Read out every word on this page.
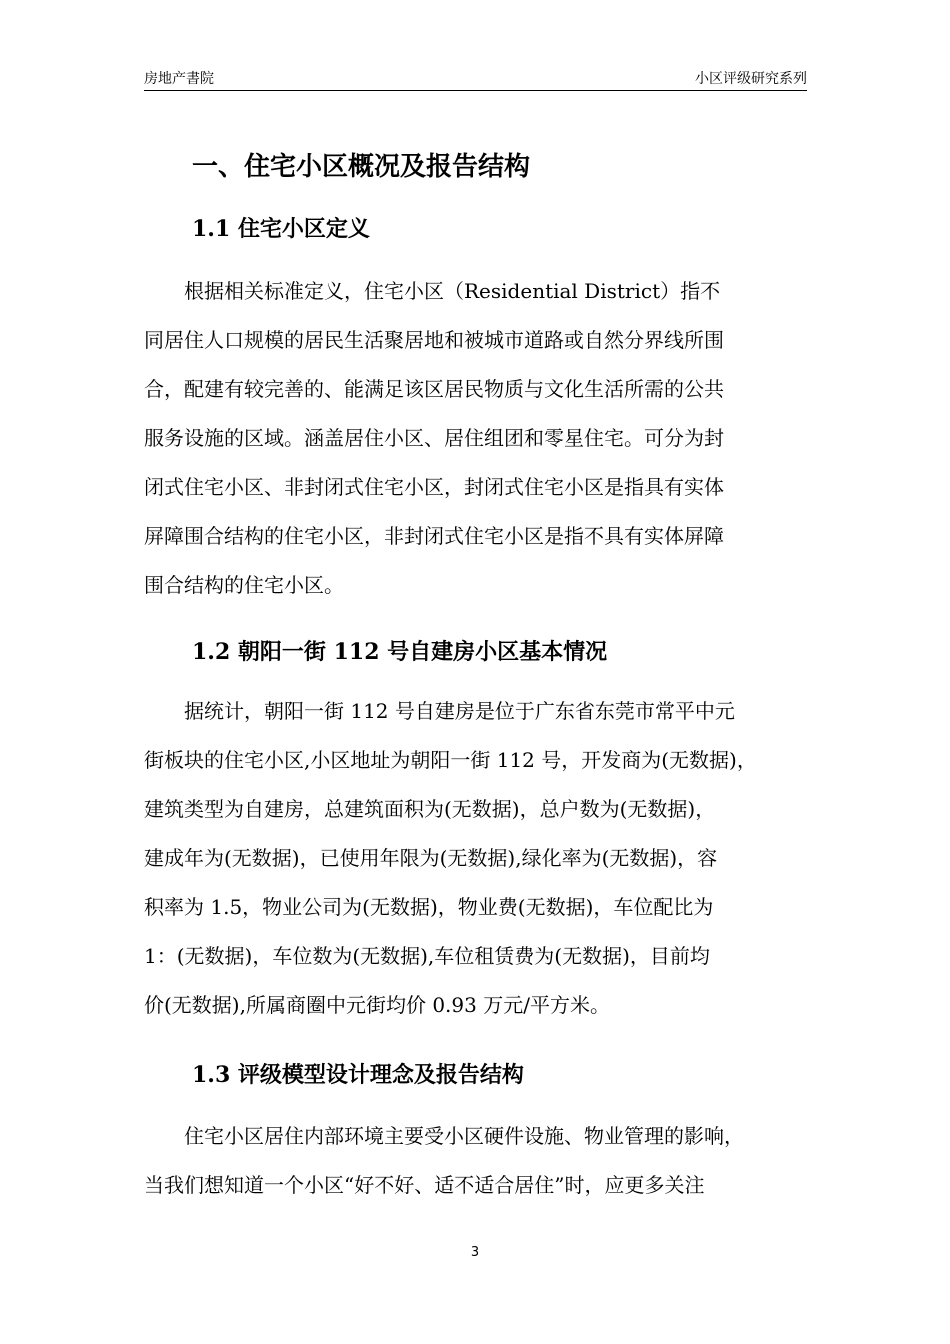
房地产書院	小区评级研究系列
一、住宅小区概况及报告结构
1.1 住宅小区定义
　　根据相关标准定义，住宅小区（Residential District）指不
同居住人口规模的居民生活聚居地和被城市道路或自然分界线所围
合，配建有较完善的、能满足该区居民物质与文化生活所需的公共
服务设施的区域。涵盖居住小区、居住组团和零星住宅。可分为封
闭式住宅小区、非封闭式住宅小区，封闭式住宅小区是指具有实体
屏障围合结构的住宅小区，非封闭式住宅小区是指不具有实体屏障
围合结构的住宅小区。
1.2 朝阳一街 112 号自建房小区基本情况
　　据统计，朝阳一街 112 号自建房是位于广东省东莞市常平中元
街板块的住宅小区,小区地址为朝阳一街 112 号，开发商为(无数据)，
建筑类型为自建房，总建筑面积为(无数据)，总户数为(无数据)，
建成年为(无数据)，已使用年限为(无数据),绿化率为(无数据)，容
积率为 1.5，物业公司为(无数据)，物业费(无数据)，车位配比为
1：(无数据)，车位数为(无数据),车位租赁费为(无数据)，目前均
价(无数据),所属商圈中元街均价 0.93 万元/平方米。
1.3 评级模型设计理念及报告结构
　　住宅小区居住内部环境主要受小区硬件设施、物业管理的影响，
当我们想知道一个小区“好不好、适不适合居住”时，应更多关注
3
